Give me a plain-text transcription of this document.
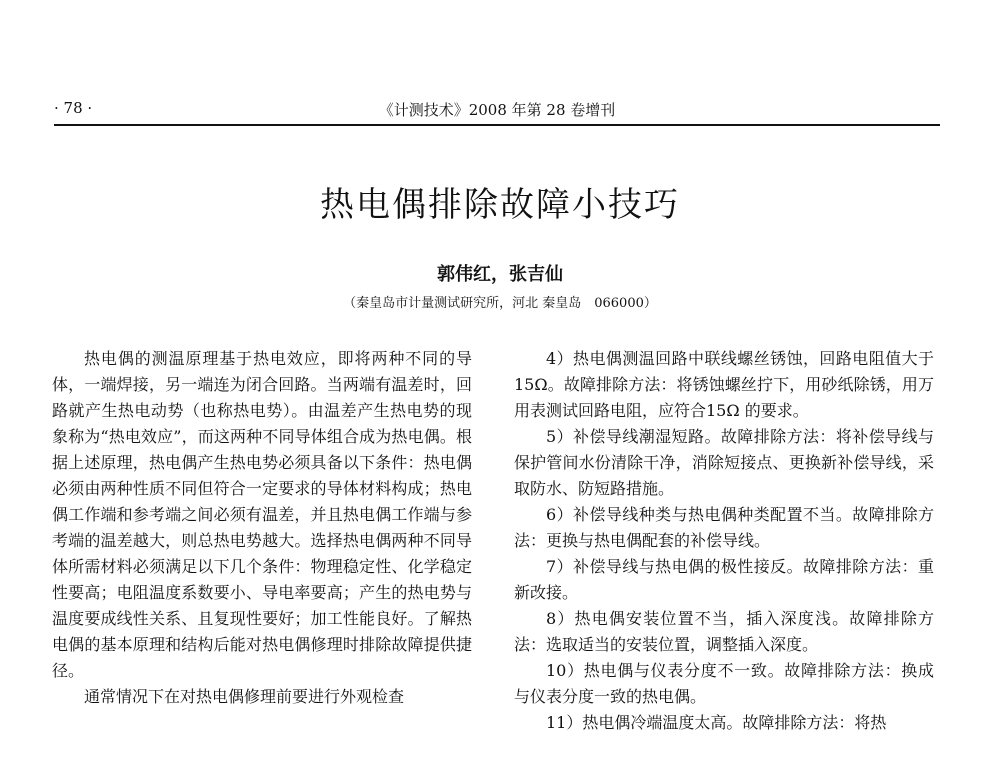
· 78 ·	《计测技术》2008 年第 28 卷增刊
热电偶排除故障小技巧
郭伟红，张吉仙
（秦皇岛市计量测试研究所，河北 秦皇岛　066000）

热电偶的测温原理基于热电效应，即将两种不同的导体，一端焊接，另一端连为闭合回路。当两端有温差时，回路就产生热电动势（也称热电势）。由温差产生热电势的现象称为“热电效应”，而这两种不同导体组合成为热电偶。根据上述原理，热电偶产生热电势必须具备以下条件：热电偶必须由两种性质不同但符合一定要求的导体材料构成；热电偶工作端和参考端之间必须有温差，并且热电偶工作端与参考端的温差越大，则总热电势越大。选择热电偶两种不同导体所需材料必须满足以下几个条件：物理稳定性、化学稳定性要高；电阻温度系数要小、导电率要高；产生的热电势与温度要成线性关系、且复现性要好；加工性能良好。了解热电偶的基本原理和结构后能对热电偶修理时排除故障提供捷径。

通常情况下在对热电偶修理前要进行外观检查

4）热电偶测温回路中联线螺丝锈蚀，回路电阻值大于15Ω。故障排除方法：将锈蚀螺丝拧下，用砂纸除锈，用万用表测试回路电阻，应符合15Ω 的要求。

5）补偿导线潮湿短路。故障排除方法：将补偿导线与保护管间水份清除干净，消除短接点、更换新补偿导线，采取防水、防短路措施。

6）补偿导线种类与热电偶种类配置不当。故障排除方法：更换与热电偶配套的补偿导线。

7）补偿导线与热电偶的极性接反。故障排除方法：重新改接。

8）热电偶安装位置不当，插入深度浅。故障排除方法：选取适当的安装位置，调整插入深度。

10）热电偶与仪表分度不一致。故障排除方法：换成与仪表分度一致的热电偶。

11）热电偶冷端温度太高。故障排除方法：将热
